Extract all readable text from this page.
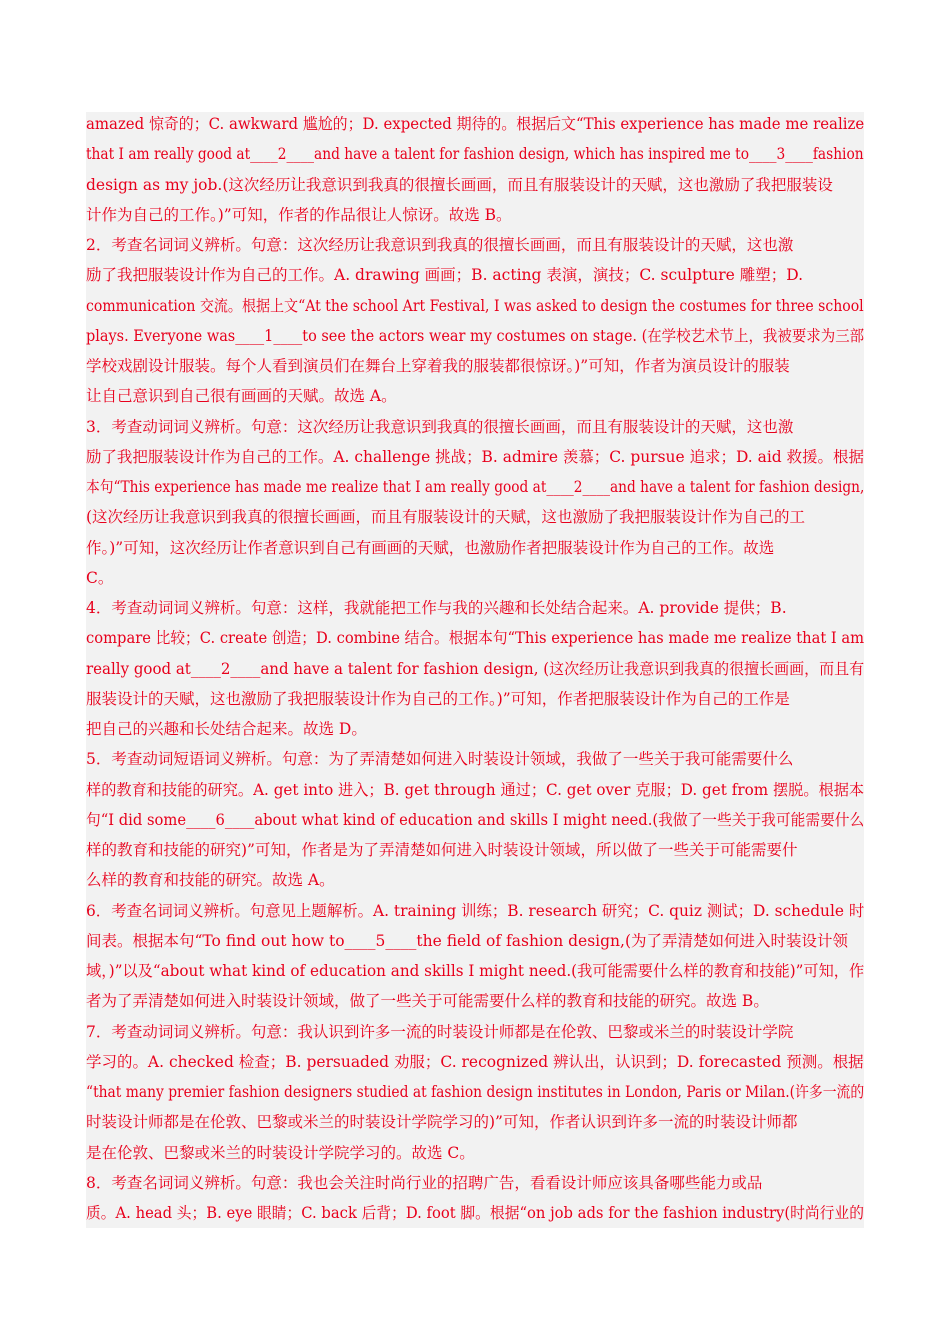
amazed 惊奇的；C. awkward 尴尬的；D. expected 期待的。根据后文“This experience has made me realize
that I am really good at____2____and have a talent for fashion design, which has inspired me to____3____fashion
design as my job.(这次经历让我意识到我真的很擅长画画，而且有服装设计的天赋，这也激励了我把服装设
计作为自己的工作。)”可知，作者的作品很让人惊讶。故选 B。
2．考查名词词义辨析。句意：这次经历让我意识到我真的很擅长画画，而且有服装设计的天赋，这也激
励了我把服装设计作为自己的工作。A. drawing 画画；B. acting 表演，演技；C. sculpture 雕塑；D.
communication 交流。根据上文“At the school Art Festival, I was asked to design the costumes for three school
plays. Everyone was____1____to see the actors wear my costumes on stage. (在学校艺术节上，我被要求为三部
学校戏剧设计服装。每个人看到演员们在舞台上穿着我的服装都很惊讶。)”可知，作者为演员设计的服装
让自己意识到自己很有画画的天赋。故选 A。
3．考查动词词义辨析。句意：这次经历让我意识到我真的很擅长画画，而且有服装设计的天赋，这也激
励了我把服装设计作为自己的工作。A. challenge 挑战；B. admire 羡慕；C. pursue 追求；D. aid 救援。根据
本句“This experience has made me realize that I am really good at____2____and have a talent for fashion design,
(这次经历让我意识到我真的很擅长画画，而且有服装设计的天赋，这也激励了我把服装设计作为自己的工
作。)”可知，这次经历让作者意识到自己有画画的天赋，也激励作者把服装设计作为自己的工作。故选
C。
4．考查动词词义辨析。句意：这样，我就能把工作与我的兴趣和长处结合起来。A. provide 提供；B.
compare 比较；C. create 创造；D. combine 结合。根据本句“This experience has made me realize that I am
really good at____2____and have a talent for fashion design, (这次经历让我意识到我真的很擅长画画，而且有
服装设计的天赋，这也激励了我把服装设计作为自己的工作。)”可知，作者把服装设计作为自己的工作是
把自己的兴趣和长处结合起来。故选 D。
5．考查动词短语词义辨析。句意：为了弄清楚如何进入时装设计领域，我做了一些关于我可能需要什么
样的教育和技能的研究。A. get into 进入；B. get through 通过；C. get over 克服；D. get from 摆脱。根据本
句“I did some____6____about what kind of education and skills I might need.(我做了一些关于我可能需要什么
样的教育和技能的研究)”可知，作者是为了弄清楚如何进入时装设计领域，所以做了一些关于可能需要什
么样的教育和技能的研究。故选 A。
6．考查名词词义辨析。句意见上题解析。A. training 训练；B. research 研究；C. quiz 测试；D. schedule 时
间表。根据本句“To find out how to____5____the field of fashion design,(为了弄清楚如何进入时装设计领
域，)”以及“about what kind of education and skills I might need.(我可能需要什么样的教育和技能)”可知，作
者为了弄清楚如何进入时装设计领域，做了一些关于可能需要什么样的教育和技能的研究。故选 B。
7．考查动词词义辨析。句意：我认识到许多一流的时装设计师都是在伦敦、巴黎或米兰的时装设计学院
学习的。A. checked 检查；B. persuaded 劝服；C. recognized 辨认出，认识到；D. forecasted 预测。根据
“that many premier fashion designers studied at fashion design institutes in London, Paris or Milan.(许多一流的
时装设计师都是在伦敦、巴黎或米兰的时装设计学院学习的)”可知，作者认识到许多一流的时装设计师都
是在伦敦、巴黎或米兰的时装设计学院学习的。故选 C。
8．考查名词词义辨析。句意：我也会关注时尚行业的招聘广告，看看设计师应该具备哪些能力或品
质。A. head 头；B. eye 眼睛；C. back 后背；D. foot 脚。根据“on job ads for the fashion industry(时尚行业的
